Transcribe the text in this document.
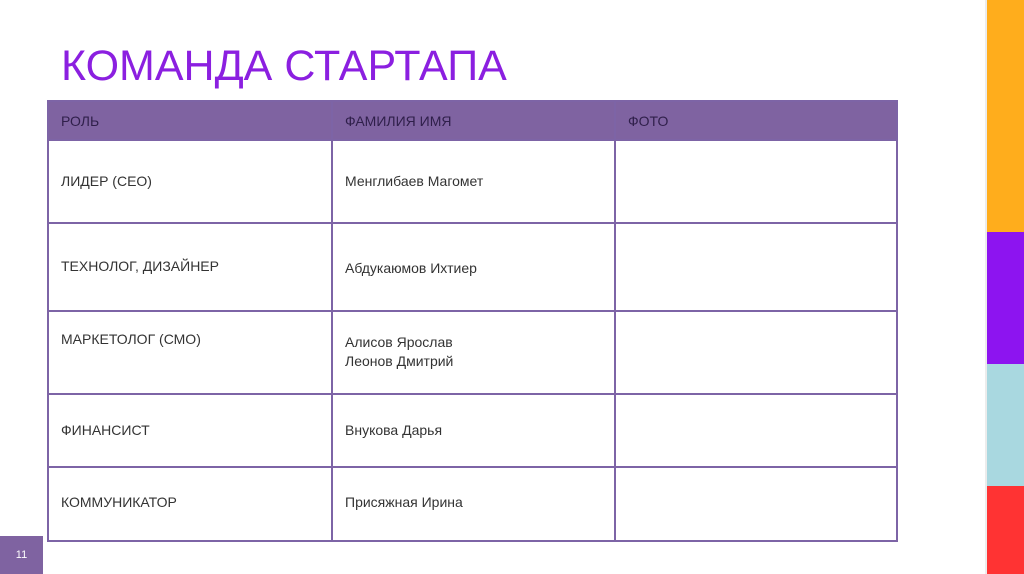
КОМАНДА СТАРТАПА
РОЛЬ	ФАМИЛИЯ ИМЯ	ФОТО

ЛИДЕР (СЕО)	Менглибаев Магомет	

ТЕХНОЛОГ, ДИЗАЙНЕР	Абдукаюмов Ихтиер	

МАРКЕТОЛОГ (СМО)	Алисов Ярослав
Леонов Дмитрий	

ФИНАНСИСТ	Внукова Дарья	

КОММУНИКАТОР	Присяжная Ирина	

11
